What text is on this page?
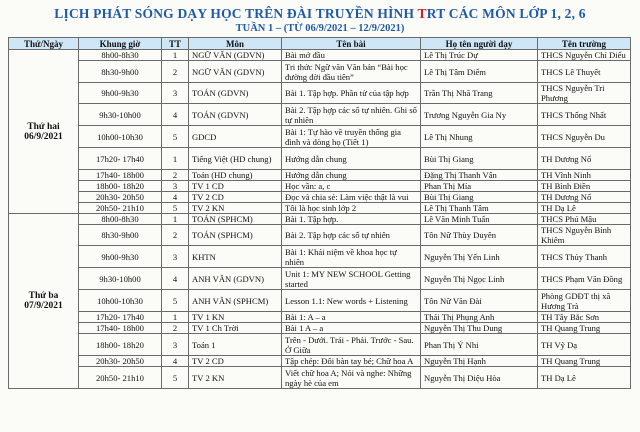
LỊCH PHÁT SÓNG DẠY HỌC TRÊN ĐÀI TRUYỀN HÌNH TRT CÁC MÔN LỚP 1, 2, 6
TUẦN 1 – (TỪ 06/9/2021 – 12/9/2021)
Thứ/Ngày	Khung giờ	TT	Môn	Tên bài	Họ tên người dạy	Tên trường

Thứ hai
06/9/2021	8h00-8h30	1	NGỮ VĂN (GDVN)	Bài mở đầu	Lê Thị Trúc Dự	THCS Nguyễn Chí Diểu
	8h30-9h00	2	NGỮ VĂN (GDVN)	Tri thức Ngữ văn Văn bản “Bài học đường đời đầu tiên”	Lê Thị Tâm Diểm	THCS Lê Thuyết
	9h00-9h30	3	TOÁN (GDVN)	Bài 1. Tập hợp. Phần tử của tập hợp	Trần Thị Nhã Trang	THCS Nguyễn Tri Phương
	9h30-10h00	4	TOÁN (GDVN)	Bài 2. Tập hợp các số tự nhiên. Ghi số tự nhiên	Trương Nguyễn Gia Ny	THCS Thống Nhất
	10h00-10h30	5	GDCD	Bài 1: Tự hào về truyền thống gia đình và dòng họ (Tiết 1)	Lê Thị Nhung	THCS Nguyễn Du
	17h20- 17h40	1	Tiếng Việt (HD chung)	Hướng dẫn chung	Bùi Thị Giang	TH Dương Nổ
	17h40- 18h00	2	Toán (HD chung)	Hướng dẫn chung	Đặng Thị Thanh Vân	TH Vĩnh Ninh
	18h00- 18h20	3	TV 1 CD	Học vần: a, c	Phan Thị Mía	TH Bình Điền
	20h30- 20h50	4	TV 2 CD	Đọc và chia sẻ: Làm việc thật là vui	Bùi Thị Giang	TH Dương Nổ
	20h50- 21h10	5	TV 2 KN	Tôi là học sinh lớp 2	Lê Thị Thanh Tâm	TH Dạ Lê

Thứ ba
07/9/2021	8h00-8h30	1	TOÁN (SPHCM)	Bài 1. Tập hợp.	Lê Văn Minh Tuấn	THCS Phú Mậu
	8h30-9h00	2	TOÁN (SPHCM)	Bài 2. Tập hợp các số tự nhiên	Tôn Nữ Thùy Duyên	THCS Nguyễn Bỉnh Khiêm
	9h00-9h30	3	KHTN	Bài 1: Khái niệm về khoa học tự nhiên	Nguyễn Thị Yến Linh	THCS Thủy Thanh
	9h30-10h00	4	ANH VĂN (GDVN)	Unit 1: MY NEW SCHOOL Getting started	Nguyễn Thị Ngọc Linh	THCS Phạm Văn Đồng
	10h00-10h30	5	ANH VĂN (SPHCM)	Lesson 1.1: New words + Listening	Tôn Nữ Văn Đài	Phòng GDĐT thị xã Hương Trà
	17h20- 17h40	1	TV 1 KN	Bài 1: A – a	Thái Thị Phụng Anh	TH Tây Bắc Sơn
	17h40- 18h00	2	TV 1 Ch Trời	Bài 1 A – a	Nguyễn Thị Thu Dung	TH Quang Trung
	18h00- 18h20	3	Toán 1	Trên - Dưới. Trái - Phải. Trước - Sau. Ở Giữa	Phan Thị Ý Nhi	TH Vỹ Dạ
	20h30- 20h50	4	TV 2 CD	Tập chép: Đôi bàn tay bé; Chữ hoa A	Nguyễn Thị Hạnh	TH Quang Trung
	20h50- 21h10	5	TV 2 KN	Viết chữ hoa A; Nói và nghe: Những ngày hè của em	Nguyễn Thị Diệu Hòa	TH Dạ Lê
